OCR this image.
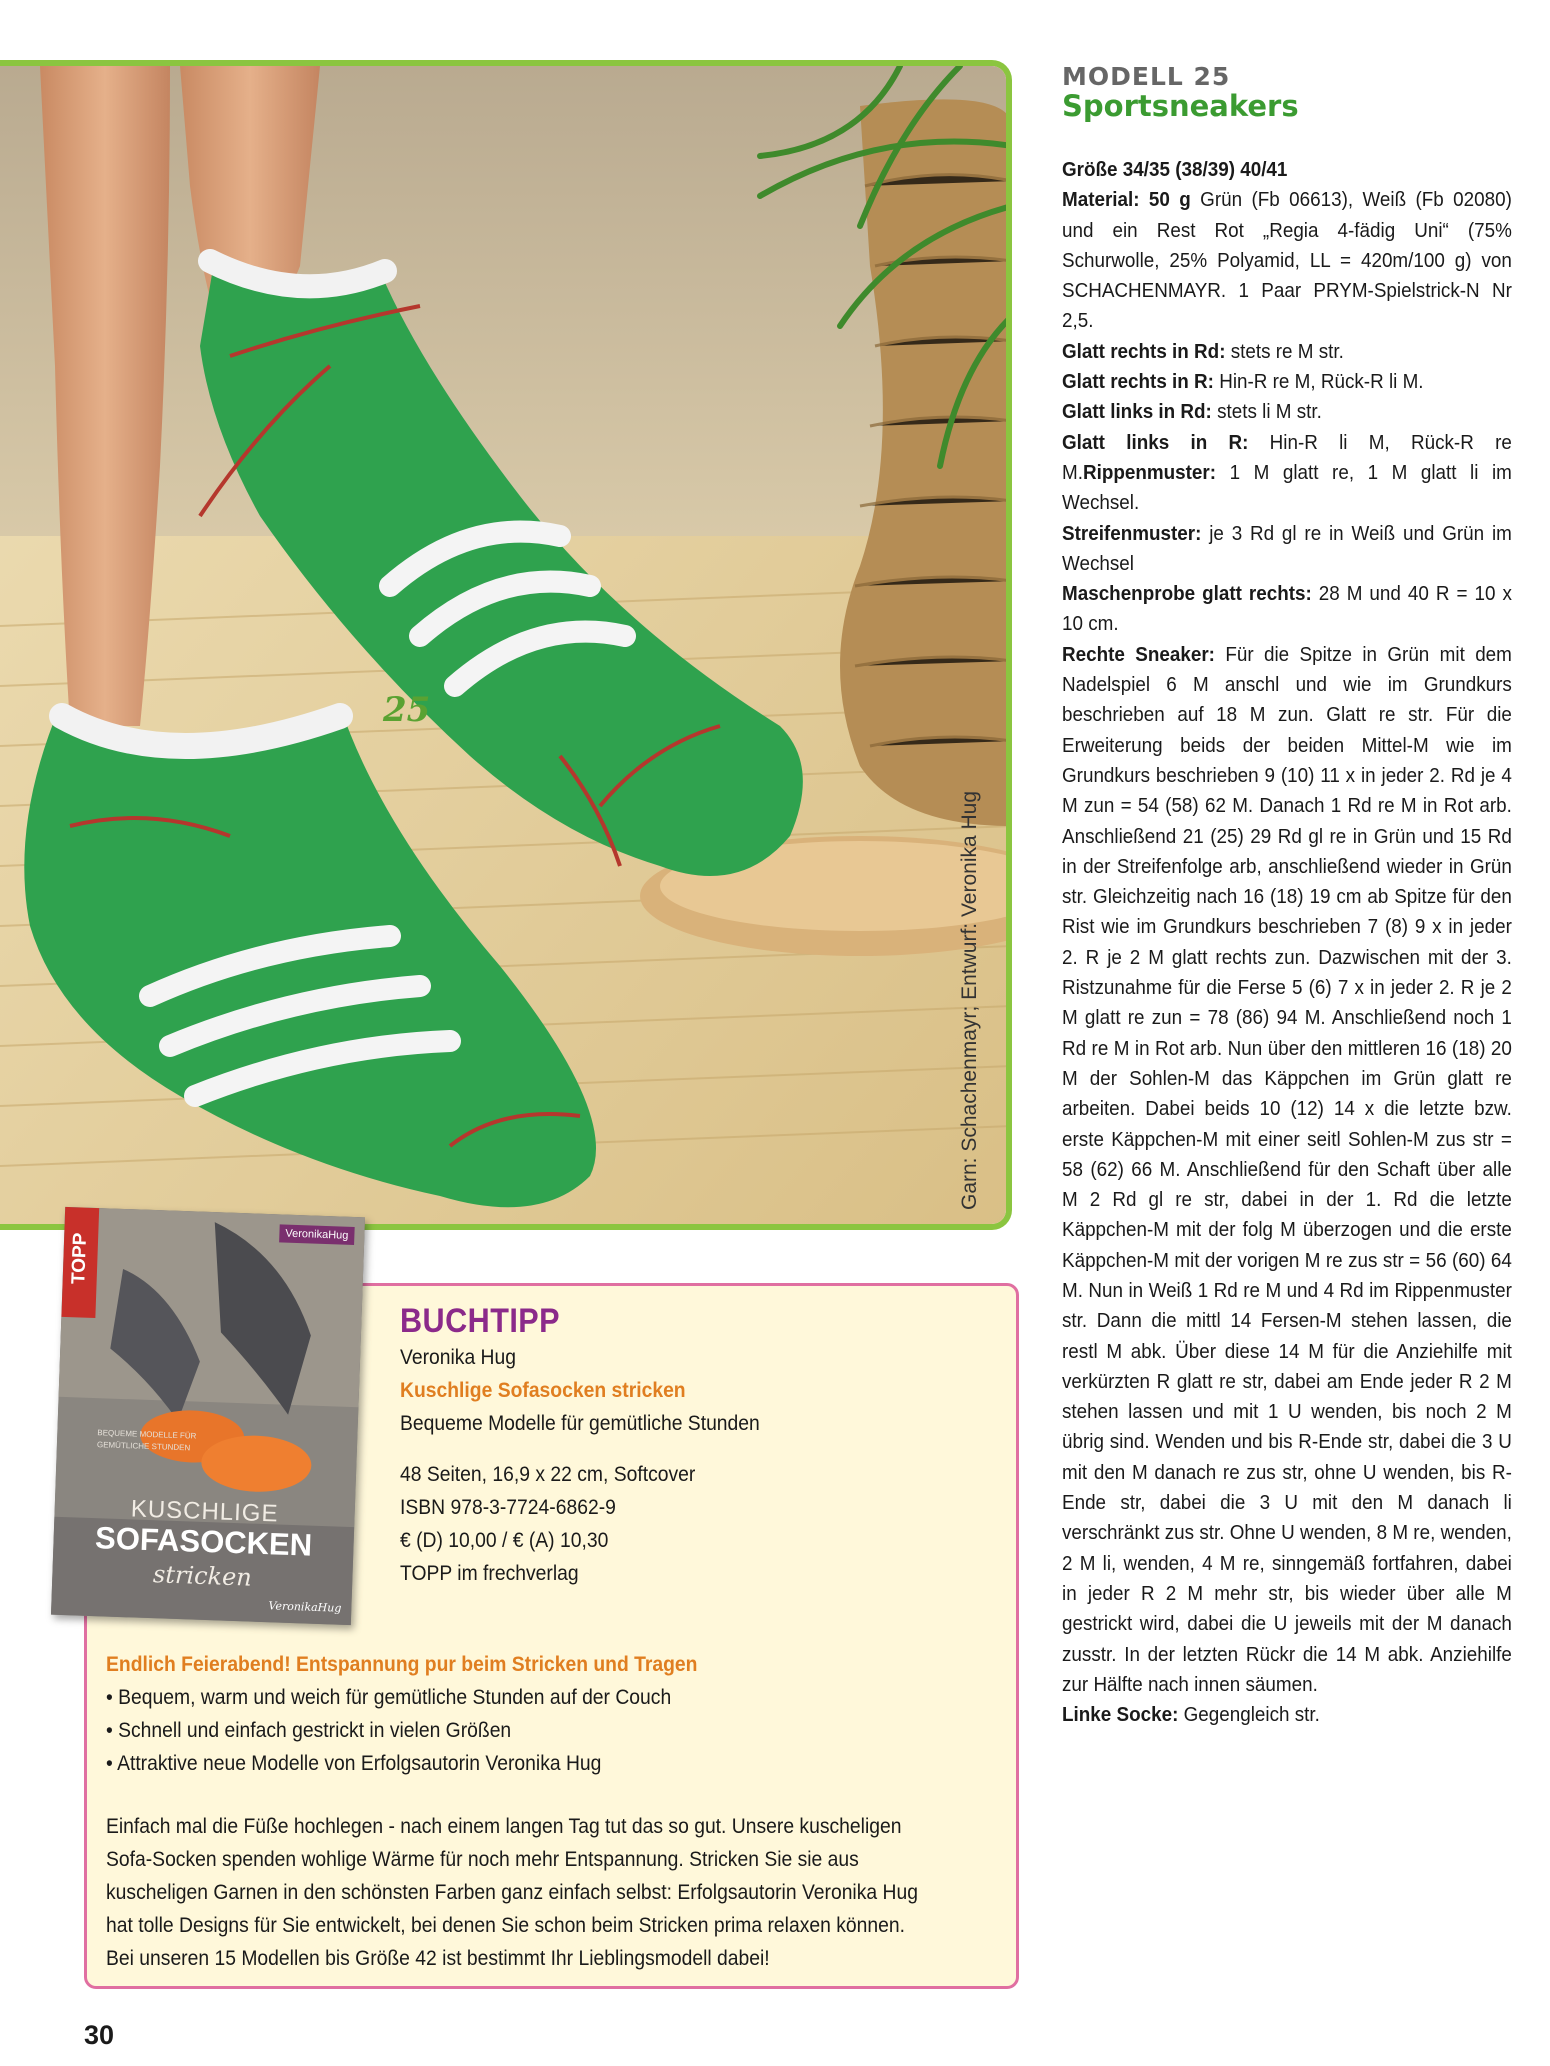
25
Garn: Schachenmayr; Entwurf: Veronika Hug
MODELL 25
Sportsneakers
Größe 34/35 (38/39) 40/41
Material: 50 g Grün (Fb 06613), Weiß (Fb 02080) und ein Rest Rot „Regia 4-fädig Uni“ (75% Schurwolle, 25% Polyamid, LL = 420m/100 g) von SCHACHENMAYR. 1 Paar PRYM-Spielstrick-N Nr 2,5.
Glatt rechts in Rd: stets re M str.
Glatt rechts in R: Hin-R re M, Rück-R li M.
Glatt links in Rd: stets li M str.
Glatt links in R: Hin-R li M, Rück-R re M.Rippenmuster: 1 M glatt re, 1 M glatt li im Wechsel.
Streifenmuster: je 3 Rd gl re in Weiß und Grün im Wechsel
Maschenprobe glatt rechts: 28 M und 40 R = 10 x 10 cm.
Rechte Sneaker: Für die Spitze in Grün mit dem Nadelspiel 6 M anschl und wie im Grundkurs beschrieben auf 18 M zun. Glatt re str. Für die Erweiterung beids der beiden Mittel-M wie im Grundkurs beschrieben 9 (10) 11 x in jeder 2. Rd je 4 M zun = 54 (58) 62 M. Danach 1 Rd re M in Rot arb. Anschließend 21 (25) 29 Rd gl re in Grün und 15 Rd in der Streifenfolge arb, anschließend wieder in Grün str. Gleichzeitig nach 16 (18) 19 cm ab Spitze für den Rist wie im Grundkurs beschrieben 7 (8) 9 x in jeder 2. R je 2 M glatt rechts zun. Dazwischen mit der 3. Ristzunahme für die Ferse 5 (6) 7 x in jeder 2. R je 2 M glatt re zun = 78 (86) 94 M. Anschließend noch 1 Rd re M in Rot arb. Nun über den mittleren 16 (18) 20 M der Sohlen-M das Käppchen im Grün glatt re arbeiten. Dabei beids 10 (12) 14 x die letzte bzw. erste Käppchen-M mit einer seitl Sohlen-M zus str = 58 (62) 66 M. Anschließend für den Schaft über alle M 2 Rd gl re str, dabei in der 1. Rd die letzte Käppchen-M mit der folg M überzogen und die erste Käppchen-M mit der vorigen M re zus str = 56 (60) 64 M. Nun in Weiß 1 Rd re M und 4 Rd im Rippenmuster str. Dann die mittl 14 Fersen-M stehen lassen, die restl M abk. Über diese 14 M für die Anziehilfe mit verkürzten R glatt re str, dabei am Ende jeder R 2 M stehen lassen und mit 1 U wenden, bis noch 2 M übrig sind. Wenden und bis R-Ende str, dabei die 3 U mit den M danach re zus str, ohne U wenden, bis R-Ende str, dabei die 3 U mit den M danach li verschränkt zus str. Ohne U wenden, 8 M re, wenden, 2 M li, wenden, 4 M re, sinngemäß fortfahren, dabei in jeder R 2 M mehr str, bis wieder über alle M gestrickt wird, dabei die U jeweils mit der M danach zusstr. In der letzten Rückr die 14 M abk. Anziehilfe zur Hälfte nach innen säumen.
Linke Socke: Gegengleich str.
TOPP	VeronikaHug
BEQUEME MODELLE FÜR
GEMÜTLICHE STUNDEN
KUSCHLIGE
SOFASOCKEN
stricken
VeronikaHug
BUCHTIPP
Veronika Hug
Kuschlige Sofasocken stricken
Bequeme Modelle für gemütliche Stunden
48 Seiten, 16,9 x 22 cm, Softcover
ISBN 978-3-7724-6862-9
€ (D) 10,00 / € (A) 10,30
TOPP im frechverlag

Endlich Feierabend! Entspannung pur beim Stricken und Tragen

• Bequem, warm und weich für gemütliche Stunden auf der Couch

• Schnell und einfach gestrickt in vielen Größen

• Attraktive neue Modelle von Erfolgsautorin Veronika Hug

Einfach mal die Füße hochlegen - nach einem langen Tag tut das so gut. Unsere kuscheligen

Sofa-Socken spenden wohlige Wärme für noch mehr Entspannung. Stricken Sie sie aus

kuscheligen Garnen in den schönsten Farben ganz einfach selbst: Erfolgsautorin Veronika Hug

hat tolle Designs für Sie entwickelt, bei denen Sie schon beim Stricken prima relaxen können.

Bei unseren 15 Modellen bis Größe 42 ist bestimmt Ihr Lieblingsmodell dabei!

30
